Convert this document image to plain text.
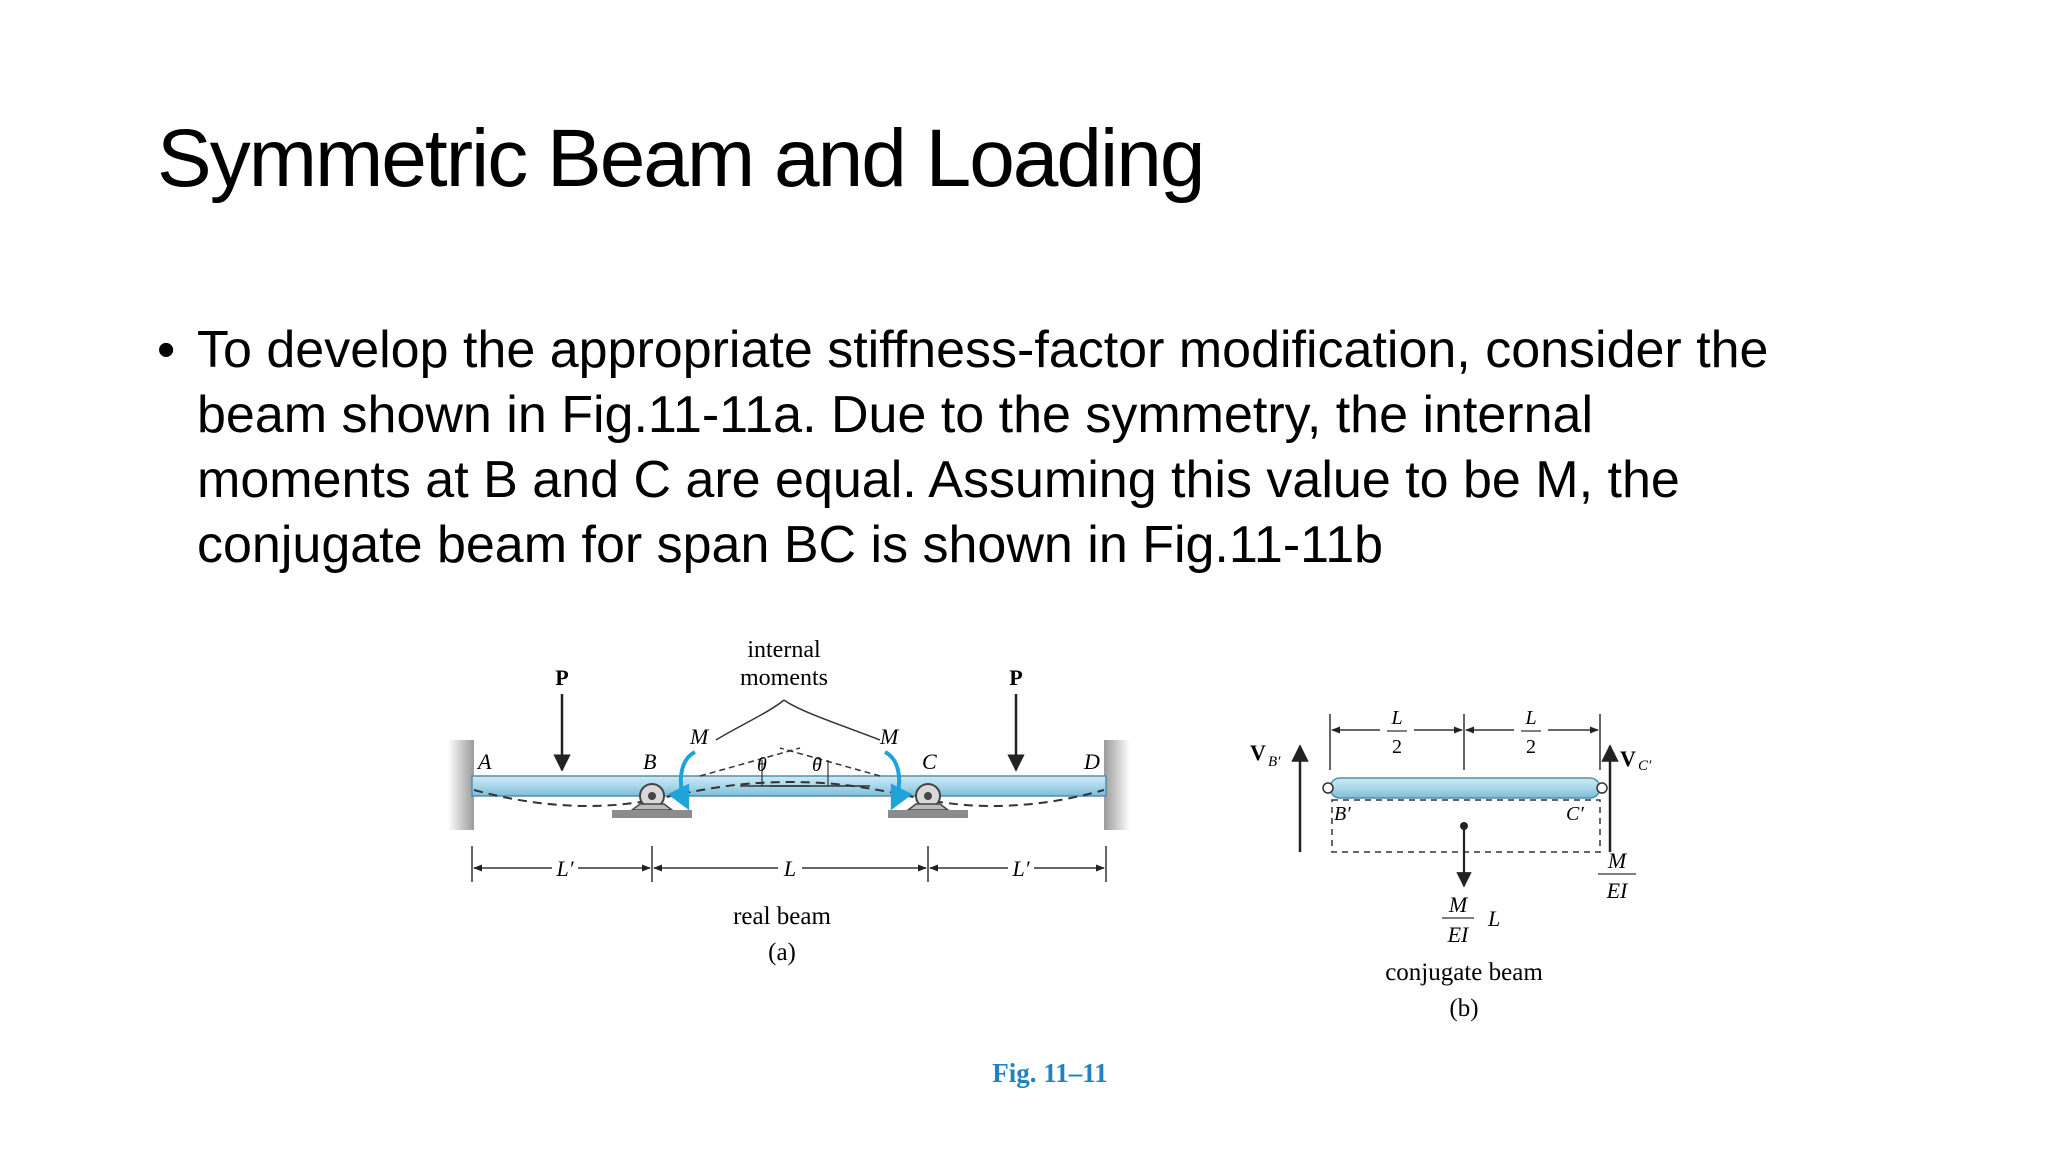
Symmetric Beam and Loading
• To develop the appropriate stiffness-factor modification, consider the
beam shown in Fig.11-11a. Due to the symmetry, the internal
moments at B and C are equal. Assuming this value to be M, the
conjugate beam for span BC is shown in Fig.11-11b
P	P
A	B	C	D
M	M
θ θ
internal
moments
L′	L	L′
real beam
(a)
V B′	V C′
B′	C′
L
2
L
2
M
EI
L
M
EI
conjugate beam
(b)
Fig. 11–11
